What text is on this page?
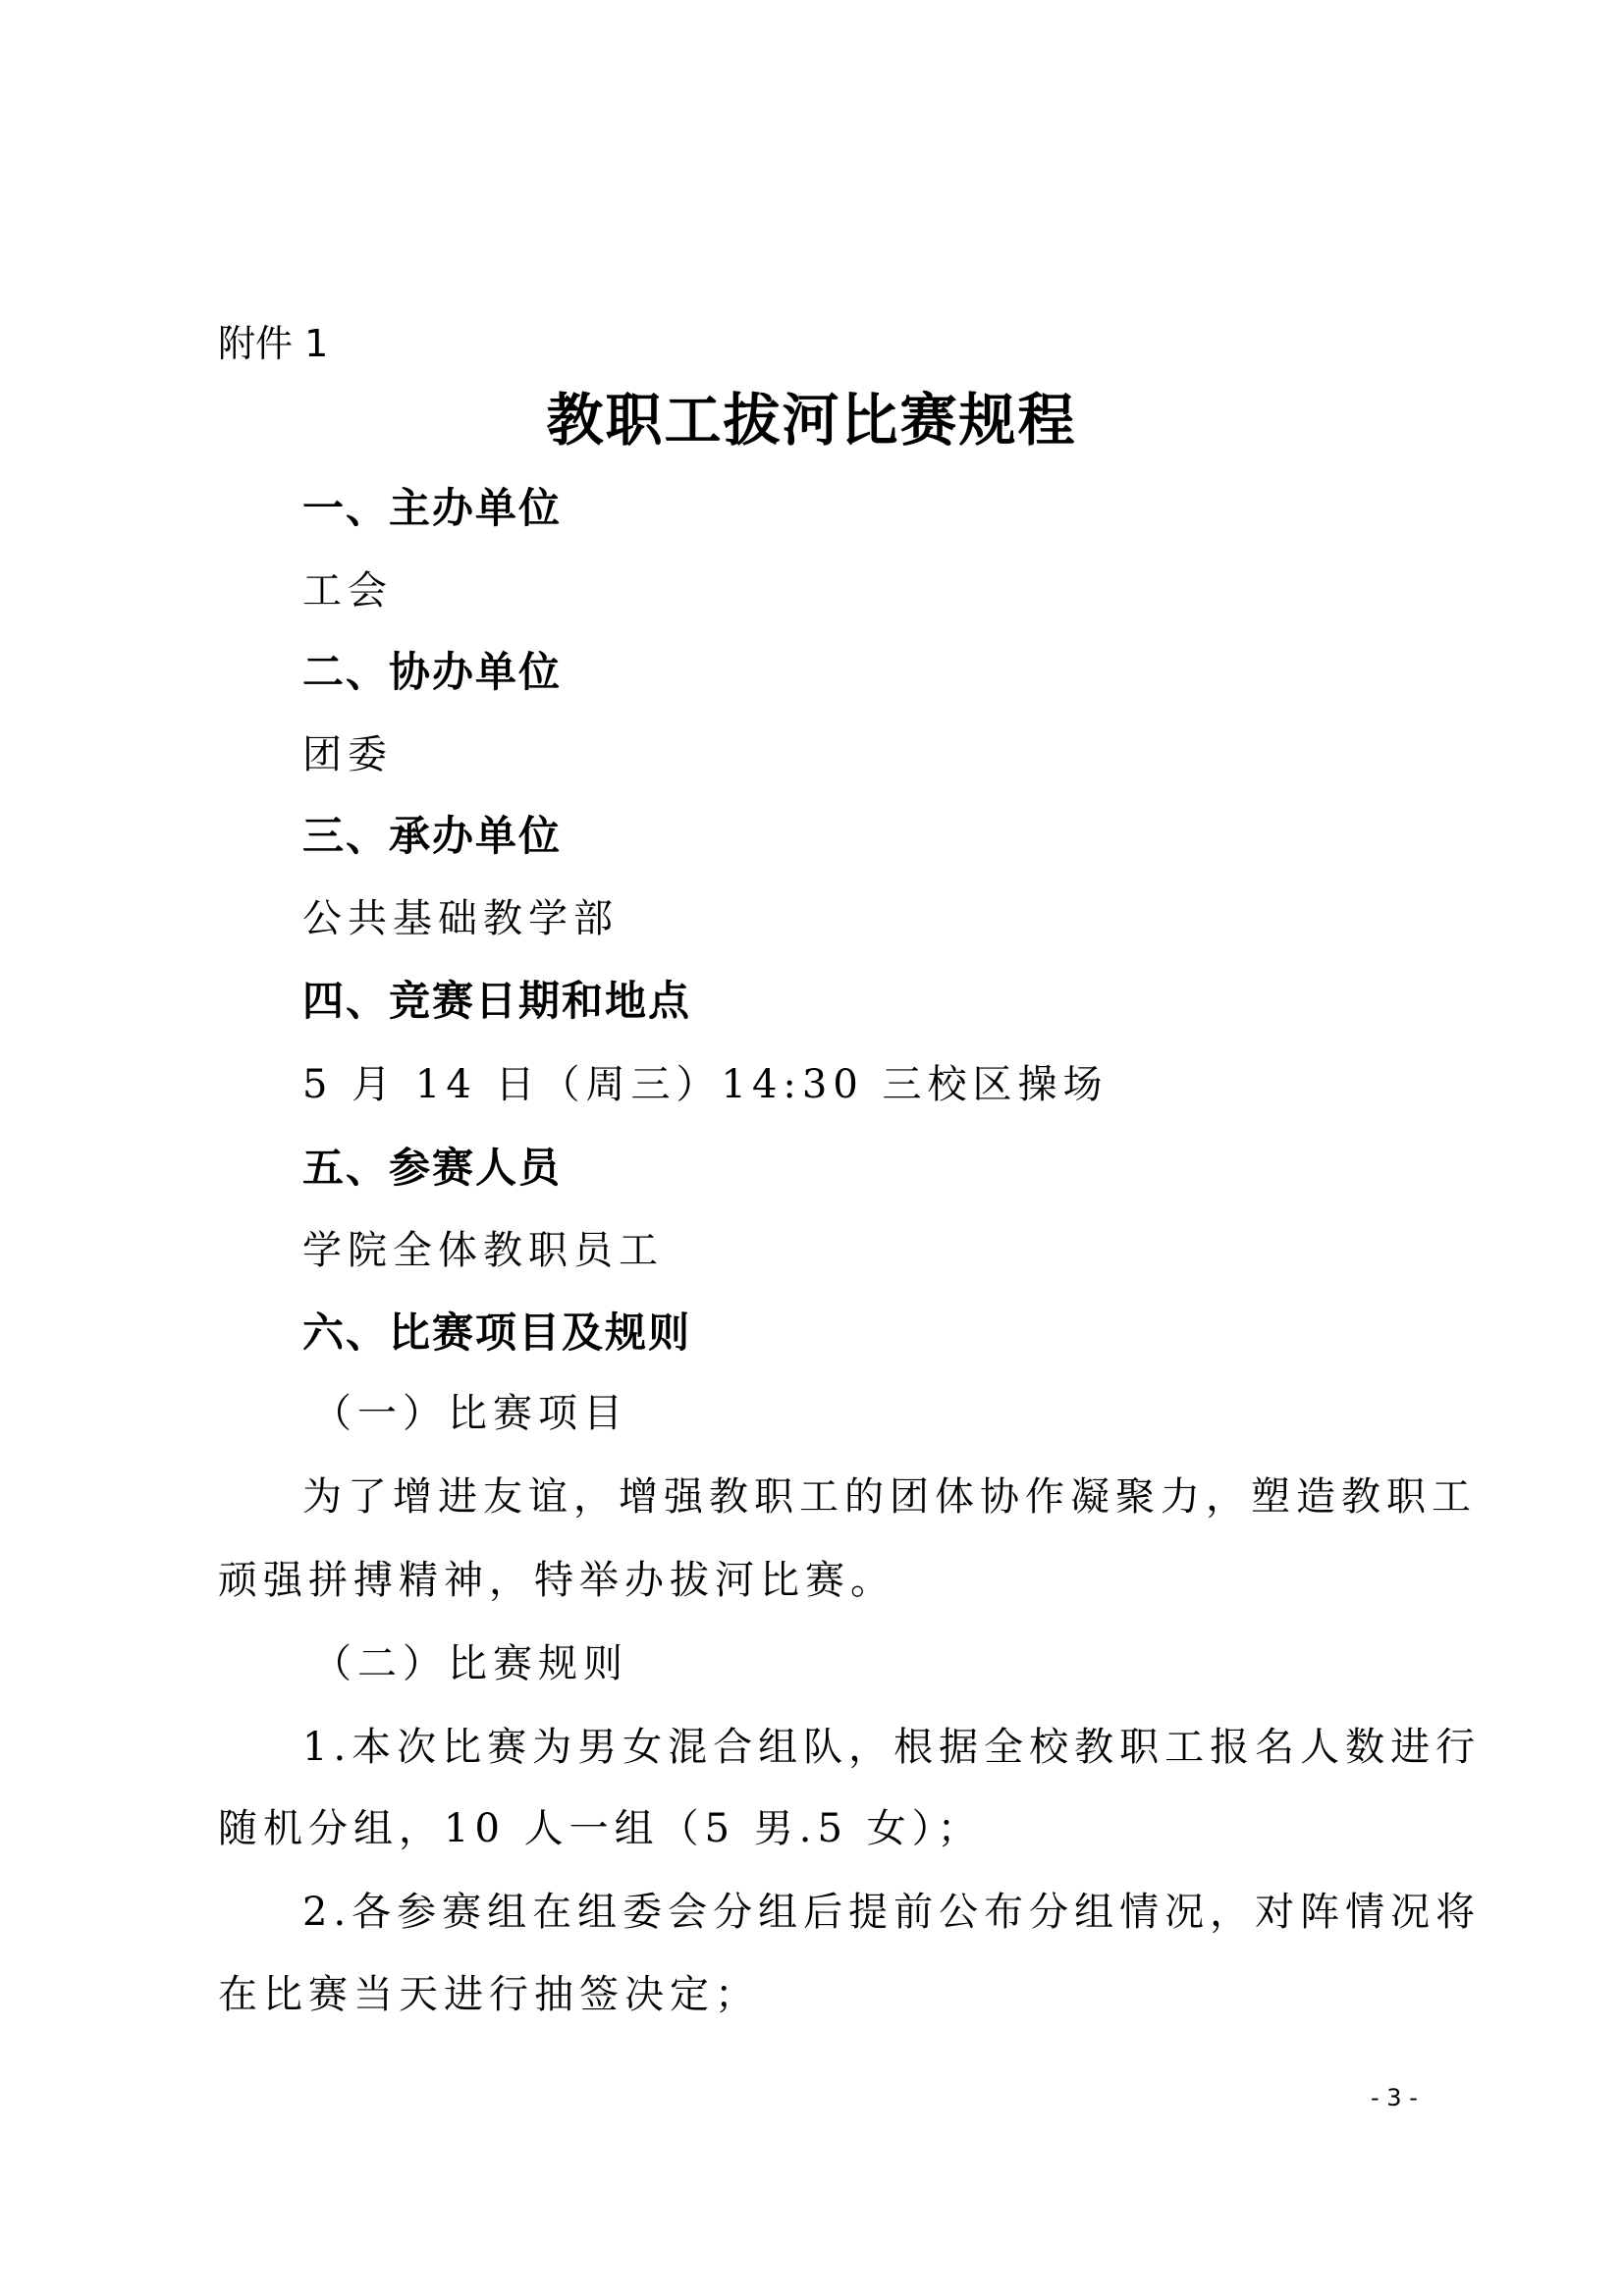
附件 1
教职工拔河比赛规程
一、主办单位
工会
二、协办单位
团委
三、承办单位
公共基础教学部
四、竞赛日期和地点
5 月 14 日（周三）14:30 三校区操场
五、参赛人员
学院全体教职员工
六、比赛项目及规则
（一）比赛项目
为了增进友谊，增强教职工的团体协作凝聚力，塑造教职工
顽强拼搏精神，特举办拔河比赛。
（二）比赛规则
1.本次比赛为男女混合组队，根据全校教职工报名人数进行
随机分组，10 人一组（5 男.5 女）；
2.各参赛组在组委会分组后提前公布分组情况，对阵情况将
在比赛当天进行抽签决定；
- 3 -
